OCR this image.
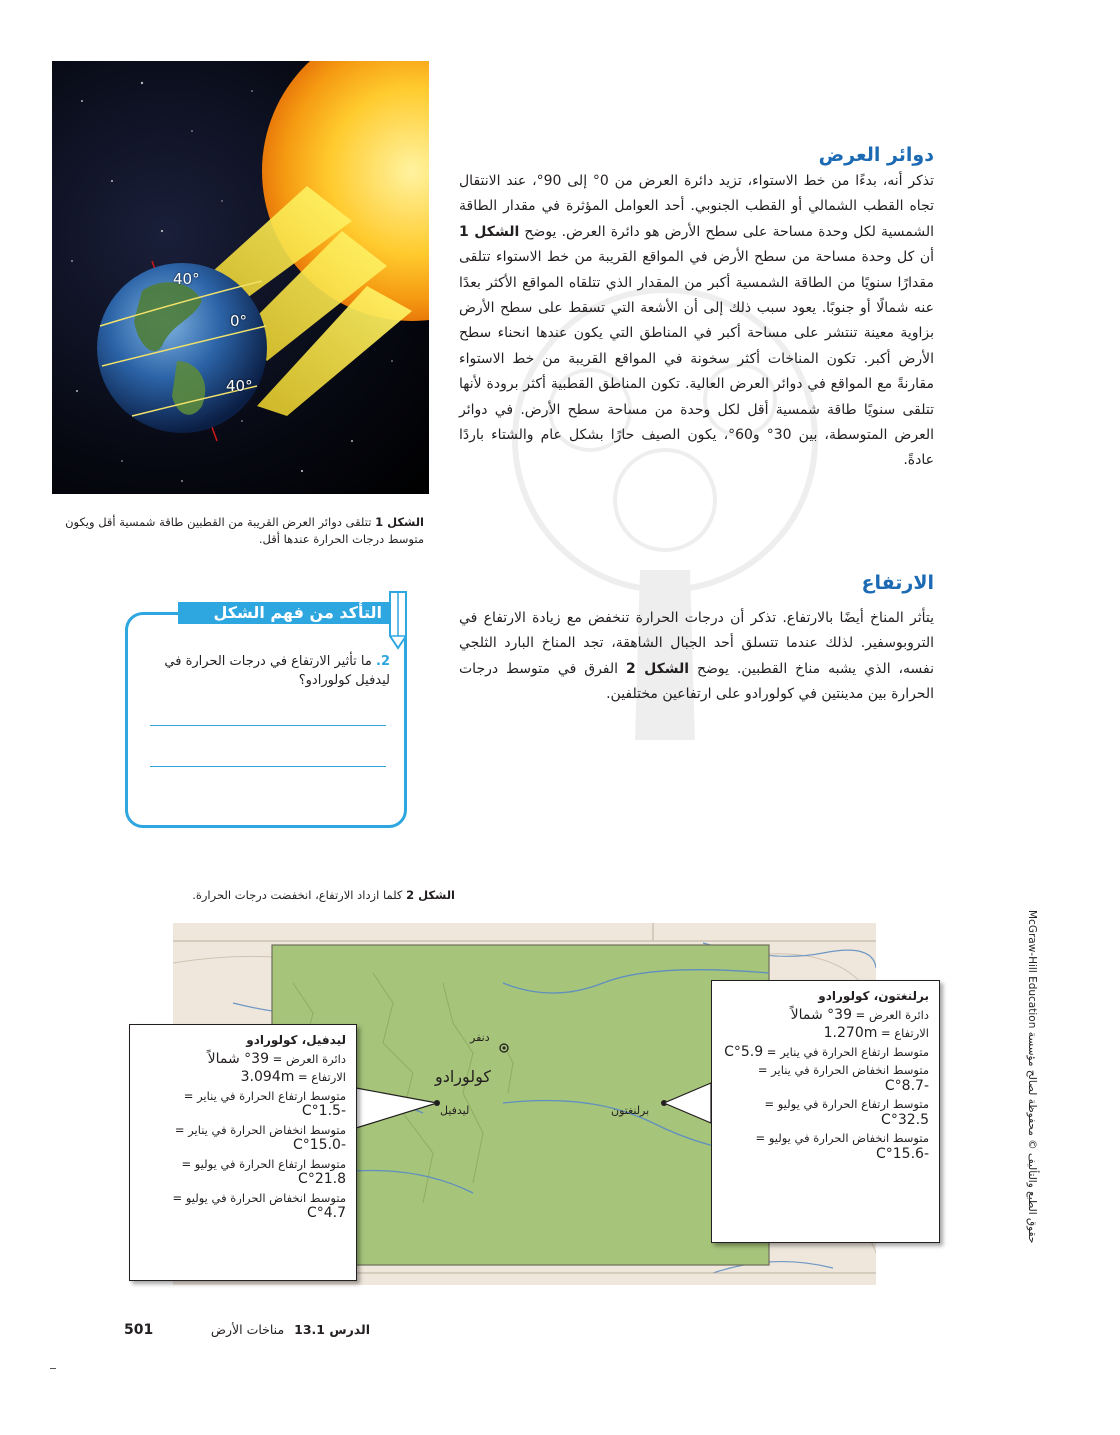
40°
0°
40°
الشكل 1 تتلقى دوائر العرض القريبة من القطبين طاقة شمسية أقل ويكون متوسط درجات الحرارة عندها أقل.
دوائر العرض
تذكر أنه، بدءًا من خط الاستواء، تزيد دائرة العرض من 0° إلى 90°، عند الانتقال تجاه القطب الشمالي أو القطب الجنوبي. أحد العوامل المؤثرة في مقدار الطاقة الشمسية لكل وحدة مساحة على سطح الأرض هو دائرة العرض. يوضح الشكل 1 أن كل وحدة مساحة من سطح الأرض في المواقع القريبة من خط الاستواء تتلقى مقدارًا سنويًا من الطاقة الشمسية أكبر من المقدار الذي تتلقاه المواقع الأكثر بعدًا عنه شمالًا أو جنوبًا. يعود سبب ذلك إلى أن الأشعة التي تسقط على سطح الأرض بزاوية معينة تنتشر على مساحة أكبر في المناطق التي يكون عندها انحناء سطح الأرض أكبر. تكون المناخات أكثر سخونة في المواقع القريبة من خط الاستواء مقارنةً مع المواقع في دوائر العرض العالية. تكون المناطق القطبية أكثر برودة لأنها تتلقى سنويًا طاقة شمسية أقل لكل وحدة من مساحة سطح الأرض. في دوائر العرض المتوسطة، بين 30° و60°، يكون الصيف حارًا بشكل عام والشتاء باردًا عادةً.
الارتفاع
يتأثر المناخ أيضًا بالارتفاع. تذكر أن درجات الحرارة تنخفض مع زيادة الارتفاع في التروبوسفير. لذلك عندما تتسلق أحد الجبال الشاهقة، تجد المناخ البارد الثلجي نفسه، الذي يشبه مناخ القطبين. يوضح الشكل 2 الفرق في متوسط درجات الحرارة بين مدينتين في كولورادو على ارتفاعين مختلفين.
التأكد من فهم الشكل
2. ما تأثير الارتفاع في درجات الحرارة في ليدفيل كولورادو؟
الشكل 2 كلما ازداد الارتفاع، انخفضت درجات الحرارة.
دنفر
كولورادو
ليدفيل	برلنغتون
ليدفيل، كولورادو
دائرة العرض = 39° شمالاً
الارتفاع = 3.094m
متوسط ارتفاع الحرارة في يناير = -1.5°C
متوسط انخفاض الحرارة في يناير = -15.0°C
متوسط ارتفاع الحرارة في يوليو = 21.8°C
متوسط انخفاض الحرارة في يوليو = 4.7°C
برلنغتون، كولورادو
دائرة العرض = 39° شمالاً
الارتفاع = 1.270m
متوسط ارتفاع الحرارة في يناير = 5.9°C
متوسط انخفاض الحرارة في يناير = -8.7°C
متوسط ارتفاع الحرارة في يوليو = 32.5°C
متوسط انخفاض الحرارة في يوليو = -15.6°C
حقوق الطبع والتأليف © محفوظة لصالح مؤسسة McGraw-Hill Education
501	الدرس 13.1
مناخات الأرض
